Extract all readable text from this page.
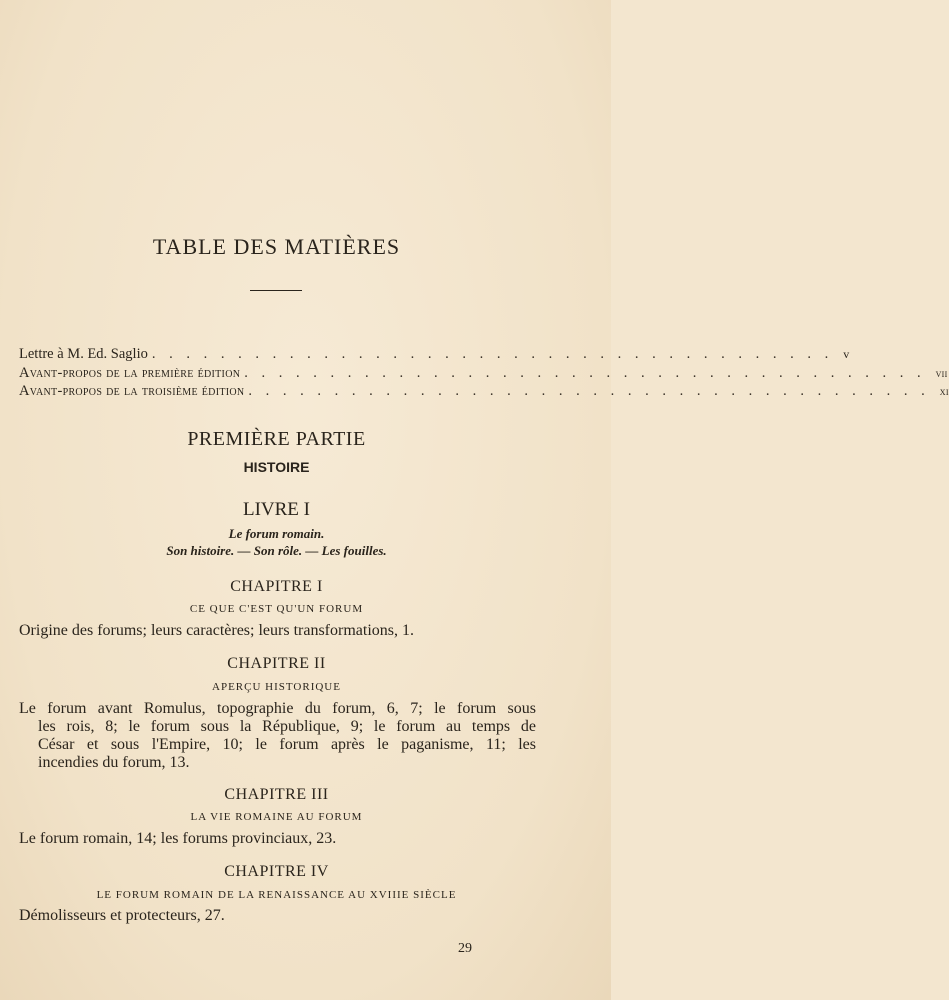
TABLE DES MATIÈRES
Lettre à M. Ed. Saglio . . . . . . . . . . . . . . . . . . . . . . . . . . . . . . . . . . . . . . . . v
Avant-propos de la première édition . . . . . . . . . . . . . . . . . . . . . . . . . . . . . . . . . . . . . . . . vii
Avant-propos de la troisième édition . . . . . . . . . . . . . . . . . . . . . . . . . . . . . . . . . . . . . . . . xi
PREMIÈRE PARTIE
HISTOIRE
LIVRE I
Le forum romain.
Son histoire. — Son rôle. — Les fouilles.
CHAPITRE I
CE QUE C'EST QU'UN FORUM
Origine des forums; leurs caractères; leurs transformations, 1.
CHAPITRE II
APERÇU HISTORIQUE
Le forum avant Romulus, topographie du forum, 6, 7; le forum sous
les rois, 8; le forum sous la République, 9; le forum au temps de
César et sous l'Empire, 10; le forum après le paganisme, 11; les
incendies du forum, 13.
CHAPITRE III
LA VIE ROMAINE AU FORUM
Le forum romain, 14; les forums provinciaux, 23.
CHAPITRE IV
LE FORUM ROMAIN DE LA RENAISSANCE AU XVIIIE SIÈCLE
Démolisseurs et protecteurs, 27.
29
